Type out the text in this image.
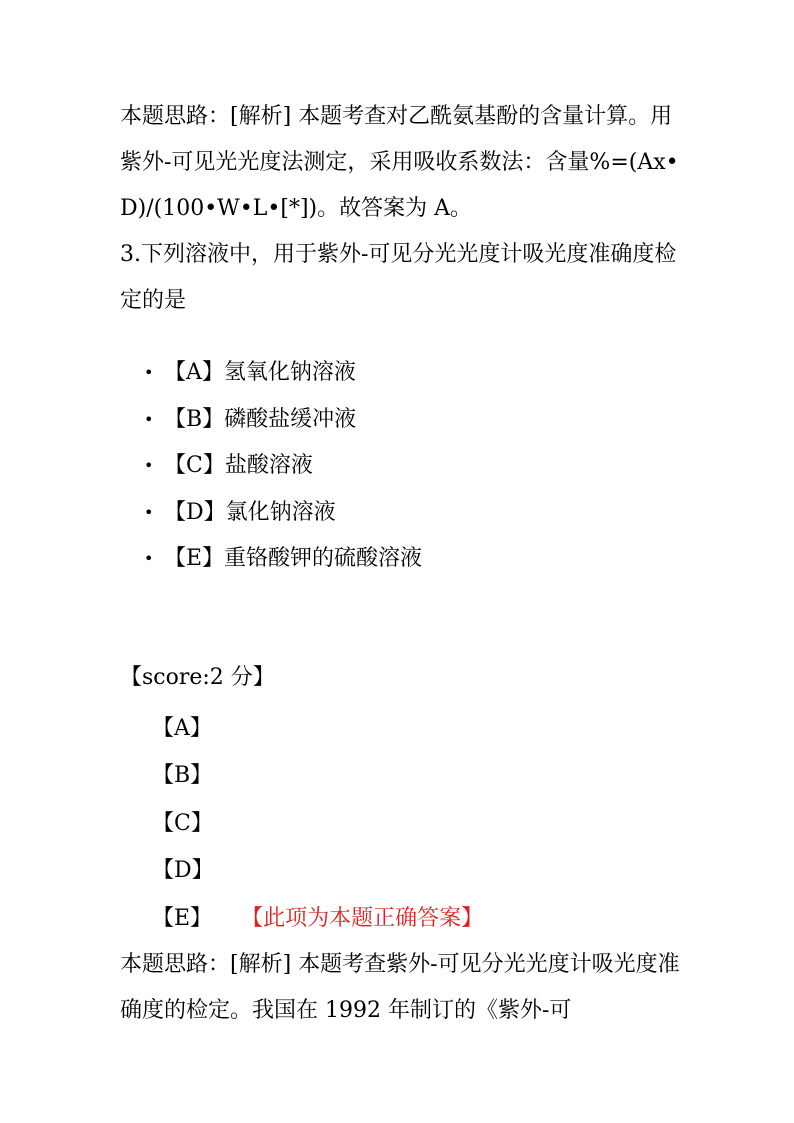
本题思路：[解析] 本题考查对乙酰氨基酚的含量计算。用紫外-可见光光度法测定，采用吸收系数法：含量%=(Ax•D)/(100•W•L•[*])。故答案为 A。

3.下列溶液中，用于紫外-可见分光光度计吸光度准确度检定的是

• 【A】氢氧化钠溶液
• 【B】磷酸盐缓冲液
• 【C】盐酸溶液
• 【D】氯化钠溶液
• 【E】重铬酸钾的硫酸溶液
【score:2 分】
【A】
【B】
【C】
【D】
【E】 【此项为本题正确答案】

本题思路：[解析] 本题考查紫外-可见分光光度计吸光度准确度的检定。我国在 1992 年制订的《紫外-可
